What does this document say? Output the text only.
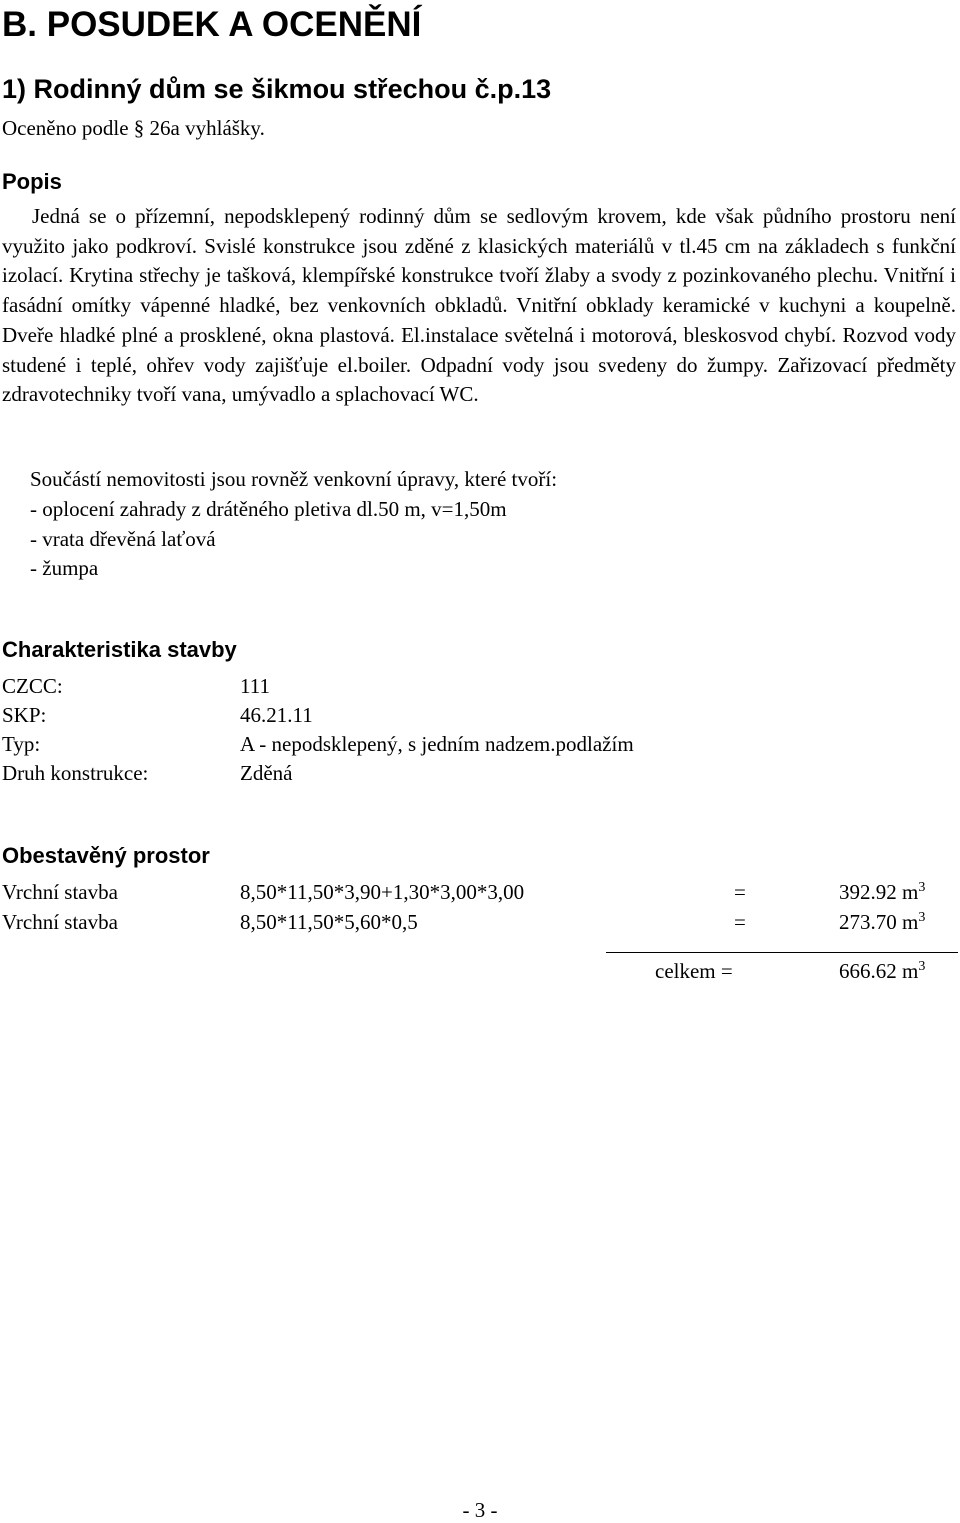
B. POSUDEK A OCENĚNÍ
1) Rodinný dům se šikmou střechou č.p.13
Oceněno podle § 26a vyhlášky.
Popis

Jedná se o přízemní, nepodsklepený rodinný dům se sedlovým krovem, kde však půdního prostoru není využito jako podkroví. Svislé konstrukce jsou zděné z klasických materiálů v tl.45 cm na základech s funkční izolací. Krytina střechy je tašková, klempířské konstrukce tvoří žlaby a svody z pozinkovaného plechu. Vnitřní i fasádní omítky vápenné hladké, bez venkovních obkladů. Vnitřní obklady keramické v kuchyni a koupelně. Dveře hladké plné a prosklené, okna plastová. El.instalace světelná i motorová, bleskosvod chybí. Rozvod vody studené i teplé, ohřev vody zajišťuje el.boiler. Odpadní vody jsou svedeny do žumpy. Zařizovací předměty zdravotechniky tvoří vana, umývadlo a splachovací WC.

Součástí nemovitosti jsou rovněž venkovní úpravy, které tvoří:
- oplocení zahrady z drátěného pletiva dl.50 m, v=1,50m
- vrata dřevěná laťová
- žumpa
Charakteristika stavby
CZCC:	111
SKP:	46.21.11
Typ:	A - nepodsklepený, s jedním nadzem.podlažím
Druh konstrukce:	Zděná
Obestavěný prostor
Vrchní stavba	8,50*11,50*3,90+1,30*3,00*3,00	=	392.92 $m^3$
Vrchní stavba	8,50*11,50*5,60*0,5	=	273.70 $m^3$
celkem =	666.62 $m^3$
- 3 -
